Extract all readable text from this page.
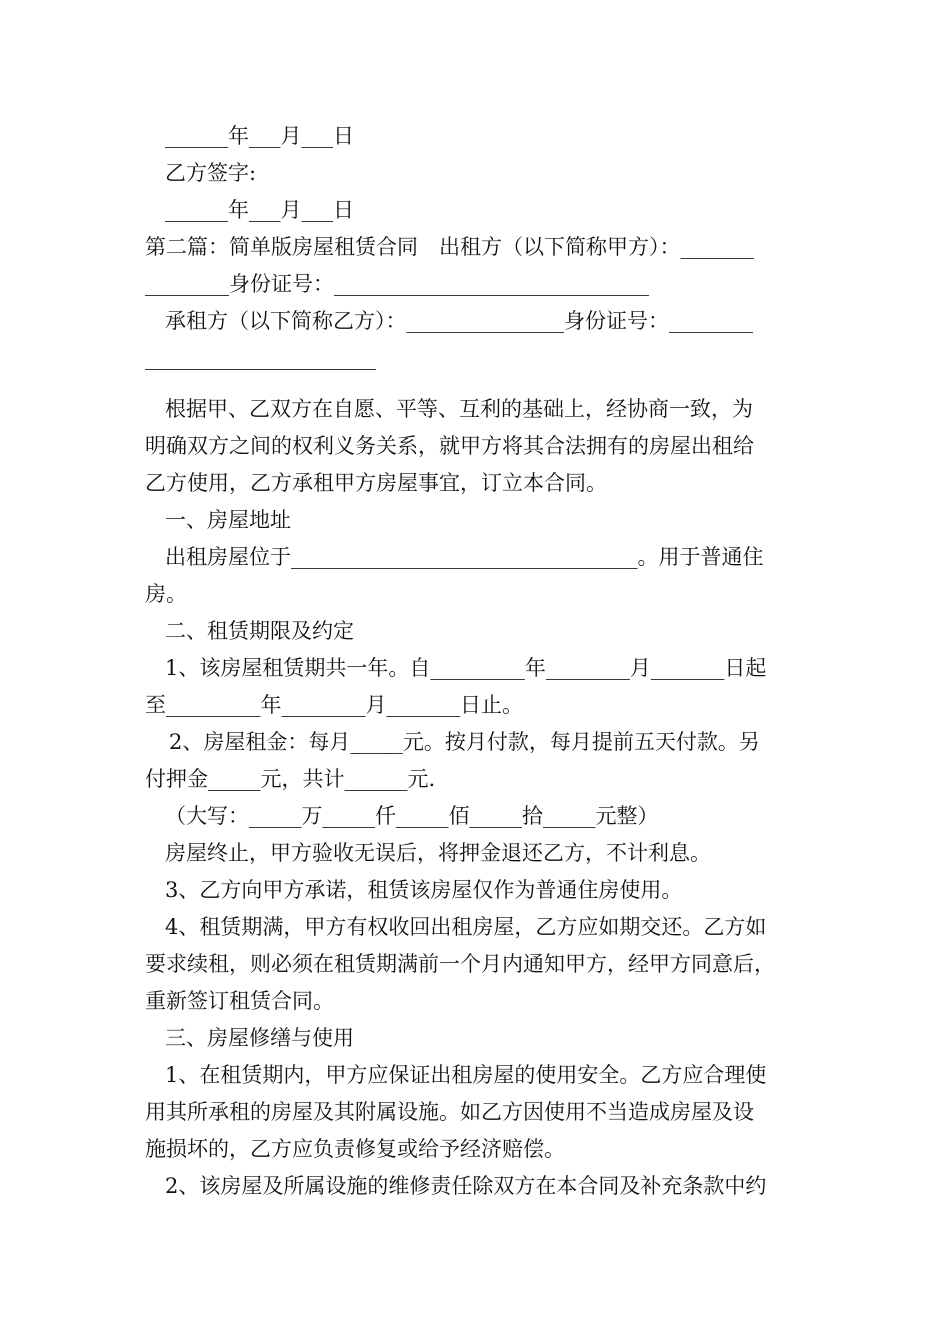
______年___月___日
乙方签字:
______年___月___日
第二篇：简单版房屋租赁合同　出租方（以下简称甲方）：_______
________身份证号：______________________________
承租方（以下简称乙方）：_______________身份证号：________
______________________
根据甲、乙双方在自愿、平等、互利的基础上，经协商一致，为
明确双方之间的权利义务关系，就甲方将其合法拥有的房屋出租给
乙方使用，乙方承租甲方房屋事宜，订立本合同。
一、房屋地址
出租房屋位于_________________________________。用于普通住
房。
二、租赁期限及约定
1、该房屋租赁期共一年。自_________年________月_______日起
至_________年________月_______日止。
2、房屋租金：每月_____元。按月付款，每月提前五天付款。另
付押金_____元，共计______元.
（大写：_____万_____仟_____佰_____拾_____元整）
房屋终止，甲方验收无误后，将押金退还乙方，不计利息。
3、乙方向甲方承诺，租赁该房屋仅作为普通住房使用。
4、租赁期满，甲方有权收回出租房屋，乙方应如期交还。乙方如
要求续租，则必须在租赁期满前一个月内通知甲方，经甲方同意后，
重新签订租赁合同。
三、房屋修缮与使用
1、在租赁期内，甲方应保证出租房屋的使用安全。乙方应合理使
用其所承租的房屋及其附属设施。如乙方因使用不当造成房屋及设
施损坏的，乙方应负责修复或给予经济赔偿。
2、该房屋及所属设施的维修责任除双方在本合同及补充条款中约
